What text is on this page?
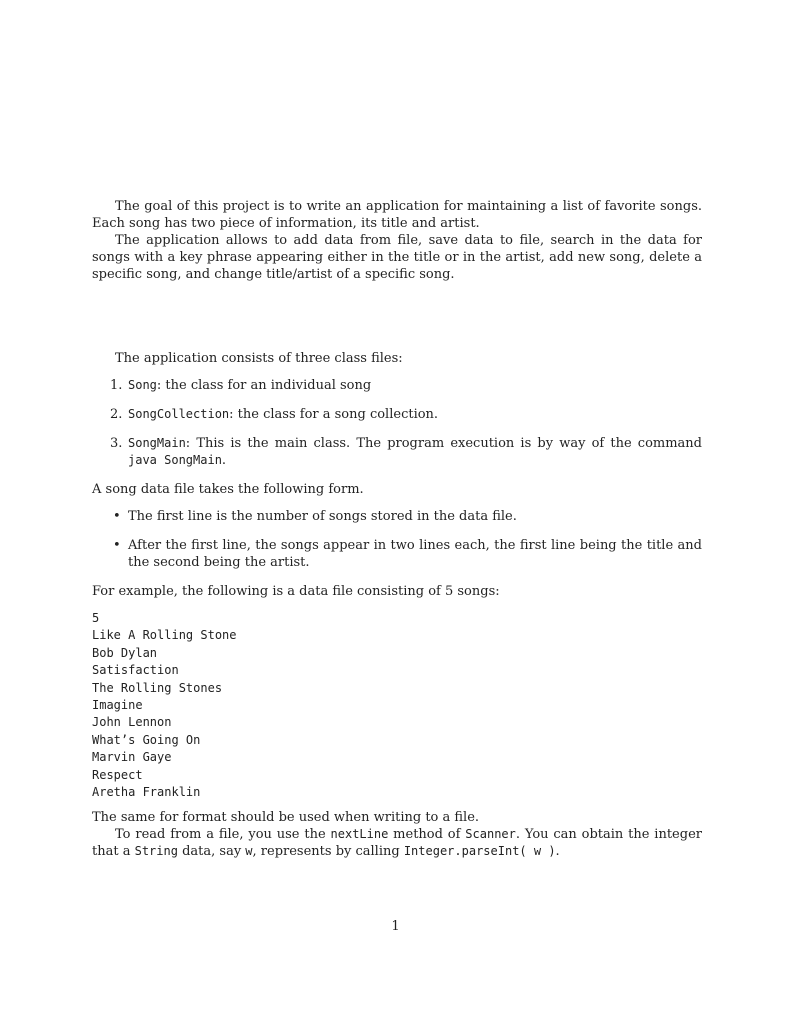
The goal of this project is to write an application for maintaining a list of favorite songs. Each song has two piece of information, its title and artist.

The application allows to add data from file, save data to file, search in the data for songs with a key phrase appearing either in the title or in the artist, add new song, delete a specific song, and change title/artist of a specific song.

The application consists of three class files:

1. Song: the class for an individual song
2. SongCollection: the class for a song collection.
3. SongMain: This is the main class. The program execution is by way of the command java SongMain.

A song data file takes the following form.

• The first line is the number of songs stored in the data file.
• After the first line, the songs appear in two lines each, the first line being the title and the second being the artist.

For example, the following is a data file consisting of 5 songs:

5
Like A Rolling Stone
Bob Dylan
Satisfaction
The Rolling Stones
Imagine
John Lennon
What’s Going On
Marvin Gaye
Respect
Aretha Franklin

The same for format should be used when writing to a file.

To read from a file, you use the nextLine method of Scanner. You can obtain the integer that a String data, say w, represents by calling Integer.parseInt( w ).

1
